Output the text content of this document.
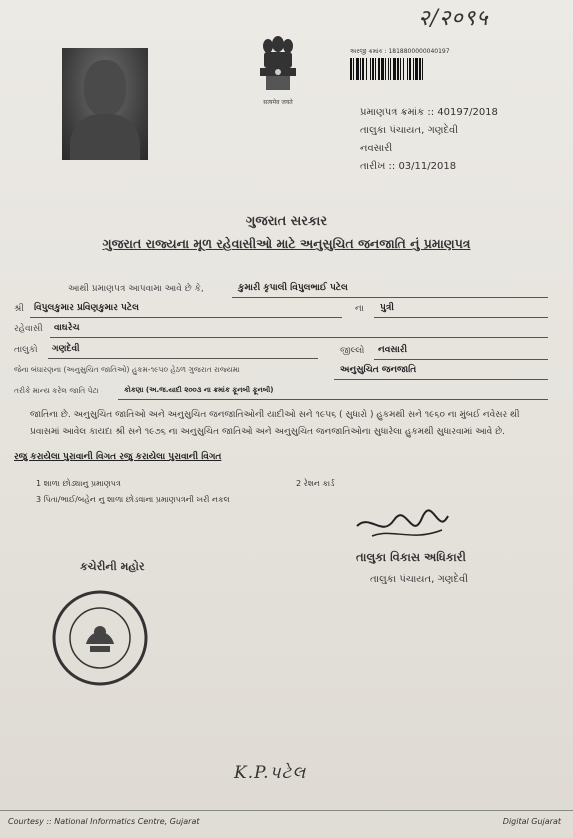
२/२०९५
सत्यमेव जयते
અરજી ક્રમાંક : 1818800000040197
પ્રમાણપત્ર ક્રમાંક :: 40197/2018
તાલુકા પંચાયત, ગણદેવી
નવસારી
તારીખ :: 03/11/2018
ગુજરાત સરકાર
ગુજરાત રાજ્યના મૂળ રહેવાસીઓ માટે અનુસુચિત જનજાતિ નું પ્રમાણપત્ર
આથી પ્રમાણપત્ર આપવામા આવે છે કે,	કુમારી કૃપાલી વિપુલભાઈ પટેલ
શ્રી વિપુલકુમાર પ્રવિણકુમાર પટેલ	ના પુત્રી
રહેવાસી વાઘરેચ
તાલુકો ગણદેવી	જીલ્લો નવસારી
જેના બંધારણના (અનુસુચિત જાતિઓ) હુકમ-૧૯૫૦ હેઠળ ગુજરાત રાજ્યમા	અનુસુચિત જનજાતિ
તરીકે માન્ય કરેલ જાતિ પેટા	કોકણા (અ.જ.યાદી ૨૦૦૩ ના ક્રમાંક ફૂનબી ફૂનબી)
જાતિના છે. અનુસુચિત જાતિઓ અને અનુસુચિત જનજાતિઓની યાદીઓ સને ૧૯૫૬ ( સુધારો ) હુકમથી સને ૧૯૬૦ ના મુંબઈ નવેસર થી પ્રવાસમાં આવેલ કાયદા શ્રી સને ૧૯૭૬ ના અનુસુચિત જાતિઓ અને અનુસુચિત જનજાતિઓના સુધારેલા હુકમથી સુધારવામાં આવે છે.
રજુ કરાયેલા પુરાવાની વિગત રજુ કરાયેલા પુરાવાની વિગત
1 શાળા છોડ્યાનુ પ્રમાણપત્ર	2 રેશન કાર્ડ
3 પિતા/ભાઈ/બહેન નુ શાળા છોડવાના પ્રમાણપત્રની ખરી નકલ
તાલુકા વિકાસ અધિકારી
તાલુકા પંચાયત, ગણદેવી
કચેરીની મહોર
K.P.પટેલ
Courtesy :: National Informatics Centre, Gujarat	Digital Gujarat
